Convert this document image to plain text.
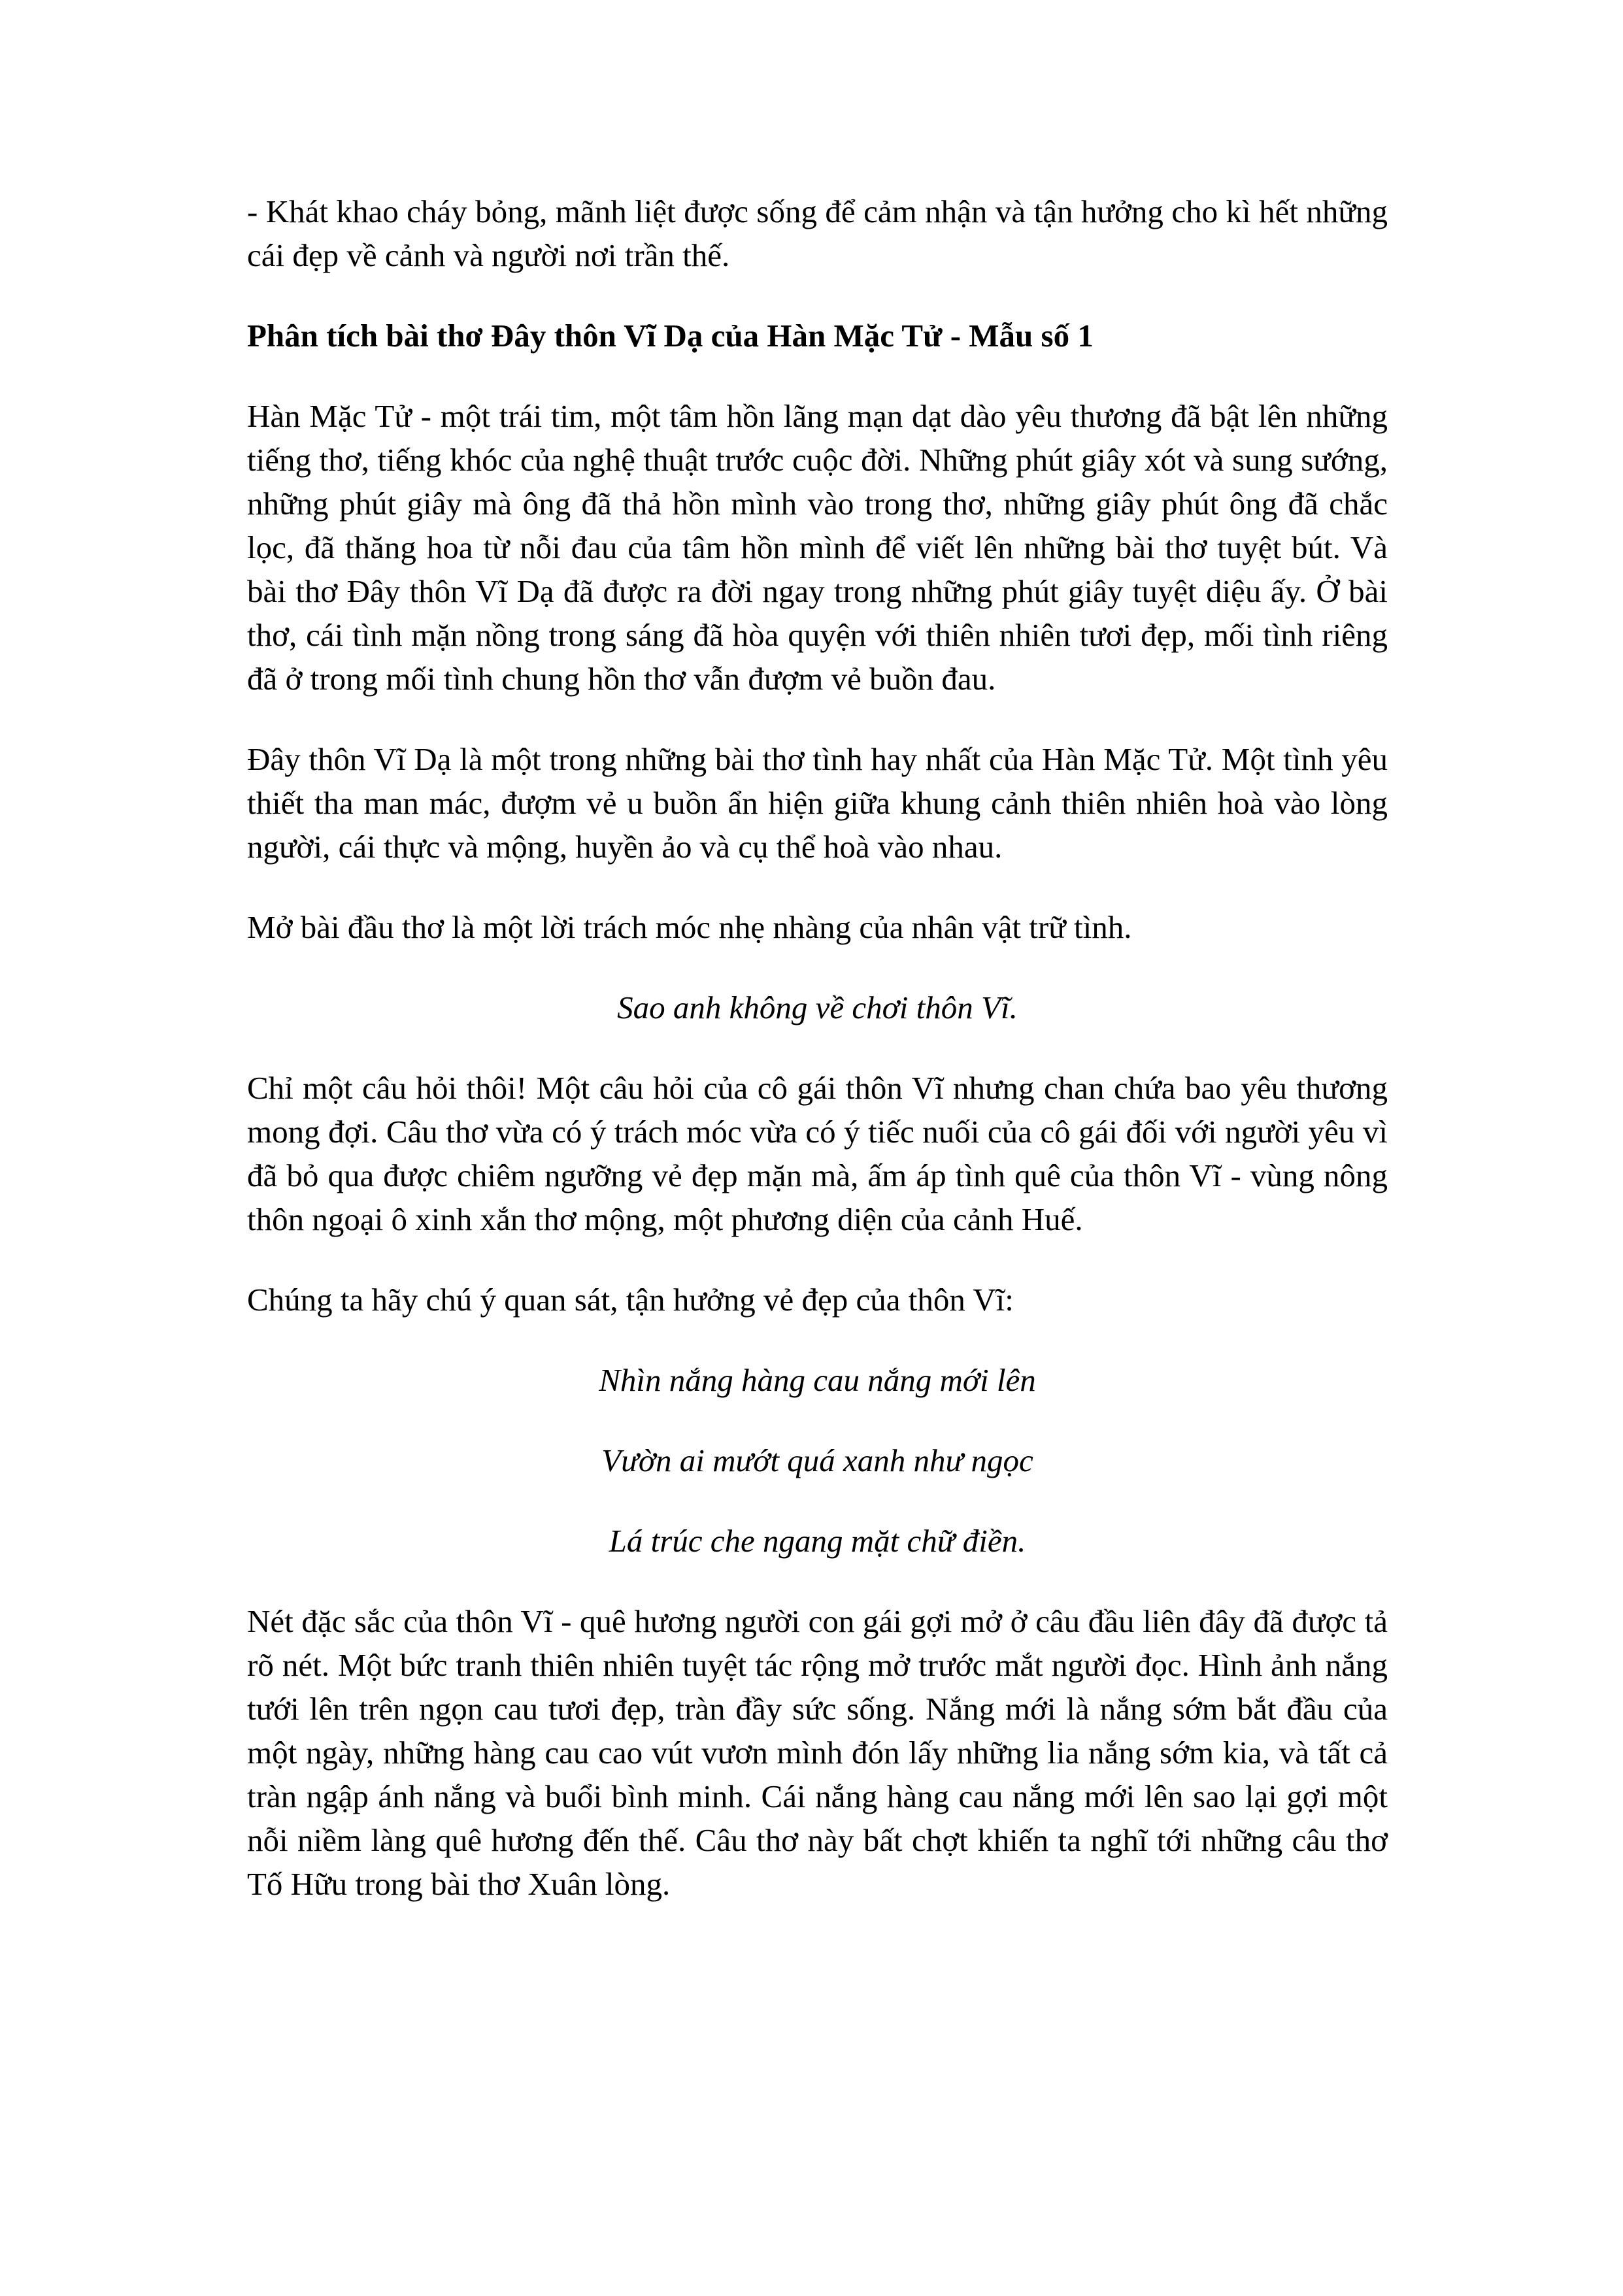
- Khát khao cháy bỏng, mãnh liệt được sống để cảm nhận và tận hưởng cho kì hết những cái đẹp về cảnh và người nơi trần thế.

Phân tích bài thơ Đây thôn Vĩ Dạ của Hàn Mặc Tử - Mẫu số 1

Hàn Mặc Tử - một trái tim, một tâm hồn lãng mạn dạt dào yêu thương đã bật lên những tiếng thơ, tiếng khóc của nghệ thuật trước cuộc đời. Những phút giây xót và sung sướng, những phút giây mà ông đã thả hồn mình vào trong thơ, những giây phút ông đã chắc lọc, đã thăng hoa từ nỗi đau của tâm hồn mình để viết lên những bài thơ tuyệt bút. Và bài thơ Đây thôn Vĩ Dạ đã được ra đời ngay trong những phút giây tuyệt diệu ấy. Ở bài thơ, cái tình mặn nồng trong sáng đã hòa quyện với thiên nhiên tươi đẹp, mối tình riêng đã ở trong mối tình chung hồn thơ vẫn đượm vẻ buồn đau.

Đây thôn Vĩ Dạ là một trong những bài thơ tình hay nhất của Hàn Mặc Tử. Một tình yêu thiết tha man mác, đượm vẻ u buồn ẩn hiện giữa khung cảnh thiên nhiên hoà vào lòng người, cái thực và mộng, huyền ảo và cụ thể hoà vào nhau.

Mở bài đầu thơ là một lời trách móc nhẹ nhàng của nhân vật trữ tình.

Sao anh không về chơi thôn Vĩ.

Chỉ một câu hỏi thôi! Một câu hỏi của cô gái thôn Vĩ nhưng chan chứa bao yêu thương mong đợi. Câu thơ vừa có ý trách móc vừa có ý tiếc nuối của cô gái đối với người yêu vì đã bỏ qua được chiêm ngưỡng vẻ đẹp mặn mà, ấm áp tình quê của thôn Vĩ - vùng nông thôn ngoại ô xinh xắn thơ mộng, một phương diện của cảnh Huế.

Chúng ta hãy chú ý quan sát, tận hưởng vẻ đẹp của thôn Vĩ:

Nhìn nắng hàng cau nắng mới lên

Vườn ai mướt quá xanh như ngọc

Lá trúc che ngang mặt chữ điền.

Nét đặc sắc của thôn Vĩ - quê hương người con gái gợi mở ở câu đầu liên đây đã được tả rõ nét. Một bức tranh thiên nhiên tuyệt tác rộng mở trước mắt người đọc. Hình ảnh nắng tưới lên trên ngọn cau tươi đẹp, tràn đầy sức sống. Nắng mới là nắng sớm bắt đầu của một ngày, những hàng cau cao vút vươn mình đón lấy những lia nắng sớm kia, và tất cả tràn ngập ánh nắng và buổi bình minh. Cái nắng hàng cau nắng mới lên sao lại gợi một nỗi niềm làng quê hương đến thế. Câu thơ này bất chợt khiến ta nghĩ tới những câu thơ Tố Hữu trong bài thơ Xuân lòng.
